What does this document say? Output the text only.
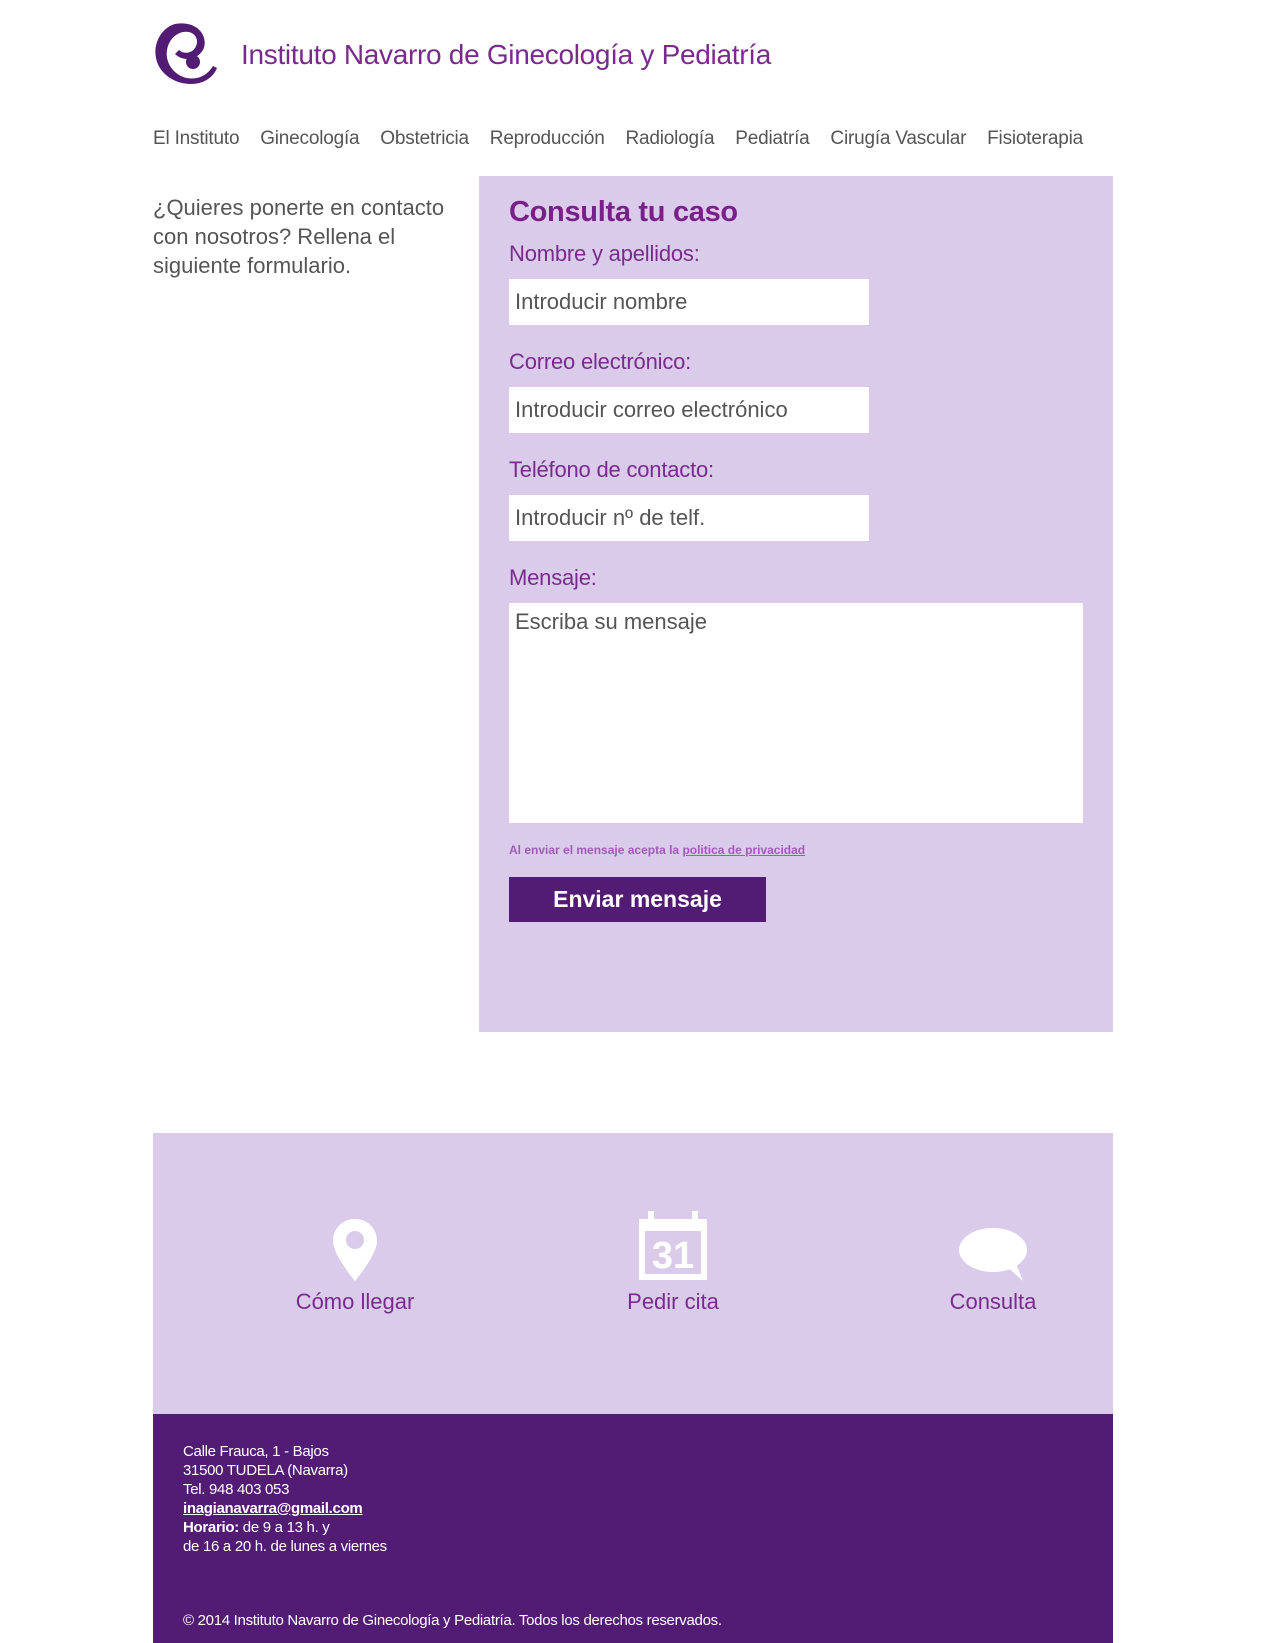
Instituto Navarro de Ginecología y Pediatría
El Instituto Ginecología Obstetricia Reproducción Radiología Pediatría Cirugía Vascular Fisioterapia

¿Quieres ponerte en contacto con nosotros? Rellena el siguiente formulario.

Consulta tu caso
Nombre y apellidos:
Introducir nombre
Correo electrónico:
Introducir correo electrónico
Teléfono de contacto:
Introducir nº de telf.
Mensaje:
Escriba su mensaje

Al enviar el mensaje acepta la politica de privacidad

Enviar mensaje
Cómo llegar
31
Pedir cita	Consulta
Calle Frauca, 1 - Bajos
31500 TUDELA (Navarra)
Tel. 948 403 053
inagianavarra@gmail.com
Horario: de 9 a 13 h. y
de 16 a 20 h. de lunes a viernes
© 2014 Instituto Navarro de Ginecología y Pediatría. Todos los derechos reservados.
